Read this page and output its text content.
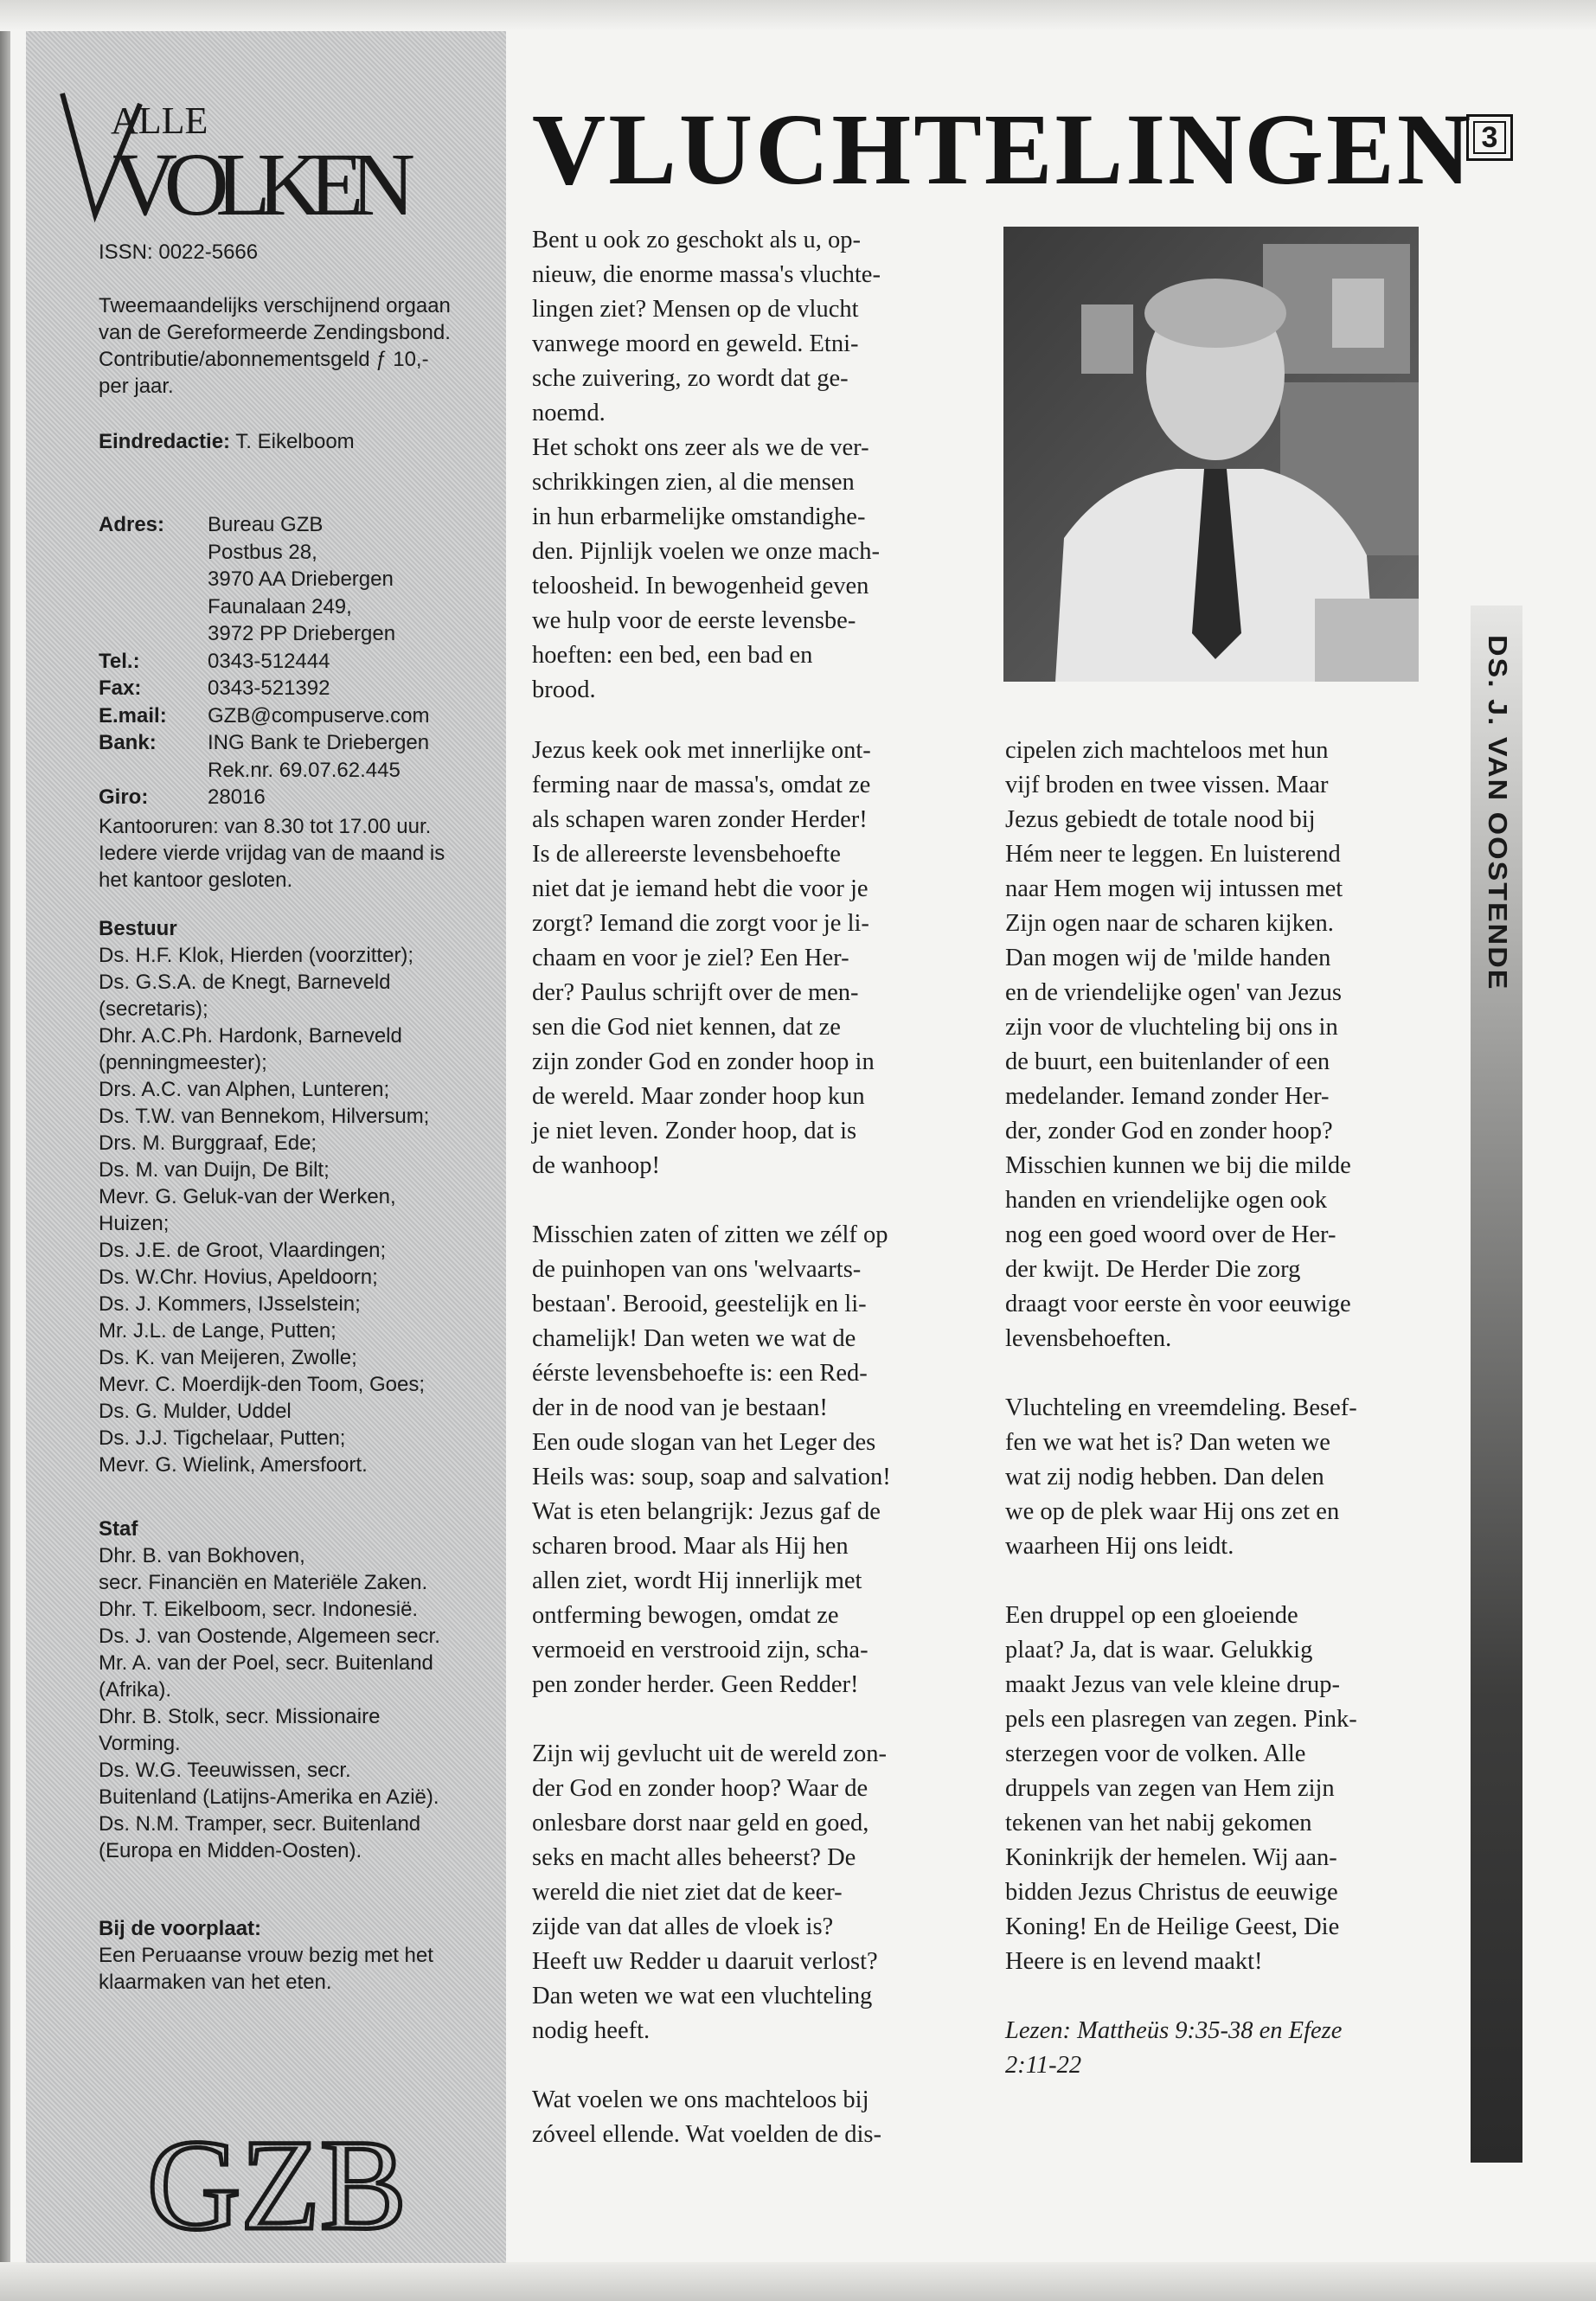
ALLE
VOLKEN

ISSN: 0022-5666

Tweemaandelijks verschijnend orgaan

van de Gereformeerde Zendingsbond.

Contributie/abonnementsgeld ƒ 10,-

per jaar.

Eindredactie: T. Eikelboom

Adres:	Bureau GZB
Postbus 28,
3970 AA Driebergen
Faunalaan 249,
3972 PP Driebergen
Tel.:	0343-512444
Fax:	0343-521392
E.mail:	GZB@compuserve.com
Bank:	ING Bank te Driebergen
Rek.nr. 69.07.62.445
Giro:	28016

Kantooruren: van 8.30 tot 17.00 uur.

Iedere vierde vrijdag van de maand is

het kantoor gesloten.

Bestuur

Ds. H.F. Klok, Hierden (voorzitter);

Ds. G.S.A. de Knegt, Barneveld

(secretaris);

Dhr. A.C.Ph. Hardonk, Barneveld

(penningmeester);

Drs. A.C. van Alphen, Lunteren;

Ds. T.W. van Bennekom, Hilversum;

Drs. M. Burggraaf, Ede;

Ds. M. van Duijn, De Bilt;

Mevr. G. Geluk-van der Werken,

Huizen;

Ds. J.E. de Groot, Vlaardingen;

Ds. W.Chr. Hovius, Apeldoorn;

Ds. J. Kommers, IJsselstein;

Mr. J.L. de Lange, Putten;

Ds. K. van Meijeren, Zwolle;

Mevr. C. Moerdijk-den Toom, Goes;

Ds. G. Mulder, Uddel

Ds. J.J. Tigchelaar, Putten;

Mevr. G. Wielink, Amersfoort.

Staf

Dhr. B. van Bokhoven,

secr. Financiën en Materiële Zaken.

Dhr. T. Eikelboom, secr. Indonesië.

Ds. J. van Oostende, Algemeen secr.

Mr. A. van der Poel, secr. Buitenland

(Afrika).

Dhr. B. Stolk, secr. Missionaire

Vorming.

Ds. W.G. Teeuwissen, secr.

Buitenland (Latijns-Amerika en Azië).

Ds. N.M. Tramper, secr. Buitenland

(Europa en Midden-Oosten).

Bij de voorplaat:

Een Peruaanse vrouw bezig met het

klaarmaken van het eten.

GZB
VLUCHTELINGEN 3

Bent u ook zo geschokt als u, op-
nieuw, die enorme massa's vluchte-
lingen ziet? Mensen op de vlucht
vanwege moord en geweld. Etni-
sche zuivering, zo wordt dat ge-
noemd.

Het schokt ons zeer als we de ver-
schrikkingen zien, al die mensen
in hun erbarmelijke omstandighe-
den. Pijnlijk voelen we onze mach-
teloosheid. In bewogenheid geven
we hulp voor de eerste levensbe-
hoeften: een bed, een bad en
brood.

Jezus keek ook met innerlijke ont-
ferming naar de massa's, omdat ze
als schapen waren zonder Herder!
Is de allereerste levensbehoefte
niet dat je iemand hebt die voor je
zorgt? Iemand die zorgt voor je li-
chaam en voor je ziel? Een Her-
der? Paulus schrijft over de men-
sen die God niet kennen, dat ze
zijn zonder God en zonder hoop in
de wereld. Maar zonder hoop kun
je niet leven. Zonder hoop, dat is
de wanhoop!

Misschien zaten of zitten we zélf op
de puinhopen van ons 'welvaarts-
bestaan'. Berooid, geestelijk en li-
chamelijk! Dan weten we wat de
éérste levensbehoefte is: een Red-
der in de nood van je bestaan!
Een oude slogan van het Leger des
Heils was: soup, soap and salvation!
Wat is eten belangrijk: Jezus gaf de
scharen brood. Maar als Hij hen
allen ziet, wordt Hij innerlijk met
ontferming bewogen, omdat ze
vermoeid en verstrooid zijn, scha-
pen zonder herder. Geen Redder!

Zijn wij gevlucht uit de wereld zon-
der God en zonder hoop? Waar de
onlesbare dorst naar geld en goed,
seks en macht alles beheerst? De
wereld die niet ziet dat de keer-
zijde van dat alles de vloek is?
Heeft uw Redder u daaruit verlost?
Dan weten we wat een vluchteling
nodig heeft.

Wat voelen we ons machteloos bij
zóveel ellende. Wat voelden de dis-

cipelen zich machteloos met hun
vijf broden en twee vissen. Maar
Jezus gebiedt de totale nood bij
Hém neer te leggen. En luisterend
naar Hem mogen wij intussen met
Zijn ogen naar de scharen kijken.
Dan mogen wij de 'milde handen
en de vriendelijke ogen' van Jezus
zijn voor de vluchteling bij ons in
de buurt, een buitenlander of een
medelander. Iemand zonder Her-
der, zonder God en zonder hoop?
Misschien kunnen we bij die milde
handen en vriendelijke ogen ook
nog een goed woord over de Her-
der kwijt. De Herder Die zorg
draagt voor eerste èn voor eeuwige
levensbehoeften.

Vluchteling en vreemdeling. Besef-
fen we wat het is? Dan weten we
wat zij nodig hebben. Dan delen
we op de plek waar Hij ons zet en
waarheen Hij ons leidt.

Een druppel op een gloeiende
plaat? Ja, dat is waar. Gelukkig
maakt Jezus van vele kleine drup-
pels een plasregen van zegen. Pink-
sterzegen voor de volken. Alle
druppels van zegen van Hem zijn
tekenen van het nabij gekomen
Koninkrijk der hemelen. Wij aan-
bidden Jezus Christus de eeuwige
Koning! En de Heilige Geest, Die
Heere is en levend maakt!

Lezen: Mattheüs 9:35-38 en Efeze
2:11-22

DS. J. VAN OOSTENDE
